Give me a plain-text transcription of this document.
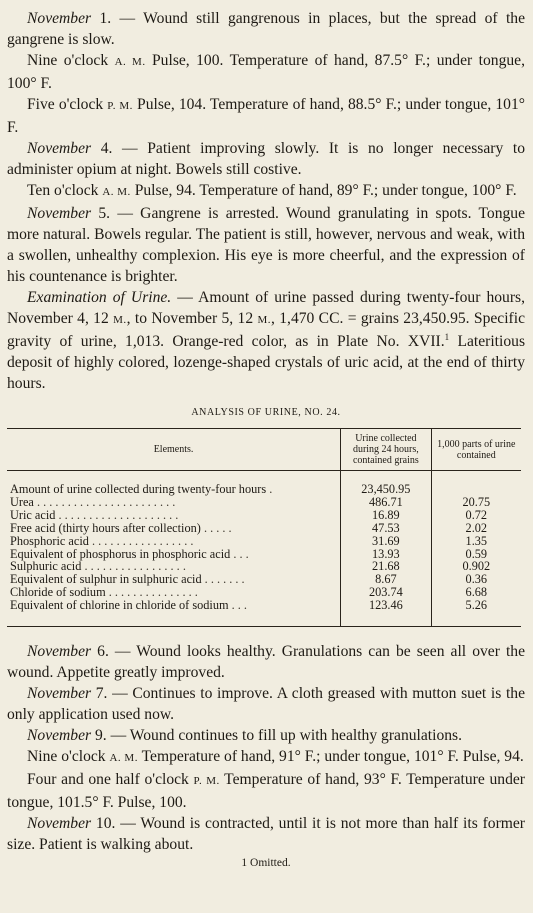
November 1. — Wound still gangrenous in places, but the spread of the gangrene is slow.

Nine o'clock A. M. Pulse, 100. Temperature of hand, 87.5° F.; under tongue, 100° F.

Five o'clock P. M. Pulse, 104. Temperature of hand, 88.5° F.; under tongue, 101° F.

November 4. — Patient improving slowly. It is no longer necessary to administer opium at night. Bowels still costive.

Ten o'clock A. M. Pulse, 94. Temperature of hand, 89° F.; under tongue, 100° F.

November 5. — Gangrene is arrested. Wound granulating in spots. Tongue more natural. Bowels regular. The patient is still, however, nervous and weak, with a swollen, unhealthy complexion. His eye is more cheerful, and the expression of his countenance is brighter.

Examination of Urine. — Amount of urine passed during twenty-four hours, November 4, 12 M., to November 5, 12 M., 1,470 CC. = grains 23,450.95. Specific gravity of urine, 1,013. Orange-red color, as in Plate No. XVII.$^1$ Lateritious deposit of highly colored, lozenge-shaped crystals of uric acid, at the end of thirty hours.

ANALYSIS OF URINE, NO. 24.
Elements.	Urine collected during 24 hours, contained grains	1,000 parts of urine contained

Amount of urine collected during twenty-four hours .	23,450.95	
Urea . . . . . . . . . . . . . . . . . . . . . . .	486.71	20.75
Uric acid . . . . . . . . . . . . . . . . . . . .	16.89	0.72
Free acid (thirty hours after collection) . . . . .	47.53	2.02
Phosphoric acid . . . . . . . . . . . . . . . . .	31.69	1.35
Equivalent of phosphorus in phosphoric acid . . .	13.93	0.59
Sulphuric acid . . . . . . . . . . . . . . . . .	21.68	0.902
Equivalent of sulphur in sulphuric acid . . . . . . .	8.67	0.36
Chloride of sodium . . . . . . . . . . . . . . .	203.74	6.68
Equivalent of chlorine in chloride of sodium . . .	123.46	5.26

November 6. — Wound looks healthy. Granulations can be seen all over the wound. Appetite greatly improved.

November 7. — Continues to improve. A cloth greased with mutton suet is the only application used now.

November 9. — Wound continues to fill up with healthy granulations.

Nine o'clock A. M. Temperature of hand, 91° F.; under tongue, 101° F. Pulse, 94.

Four and one half o'clock P. M. Temperature of hand, 93° F. Temperature under tongue, 101.5° F. Pulse, 100.

November 10. — Wound is contracted, until it is not more than half its former size. Patient is walking about.

1 Omitted.
